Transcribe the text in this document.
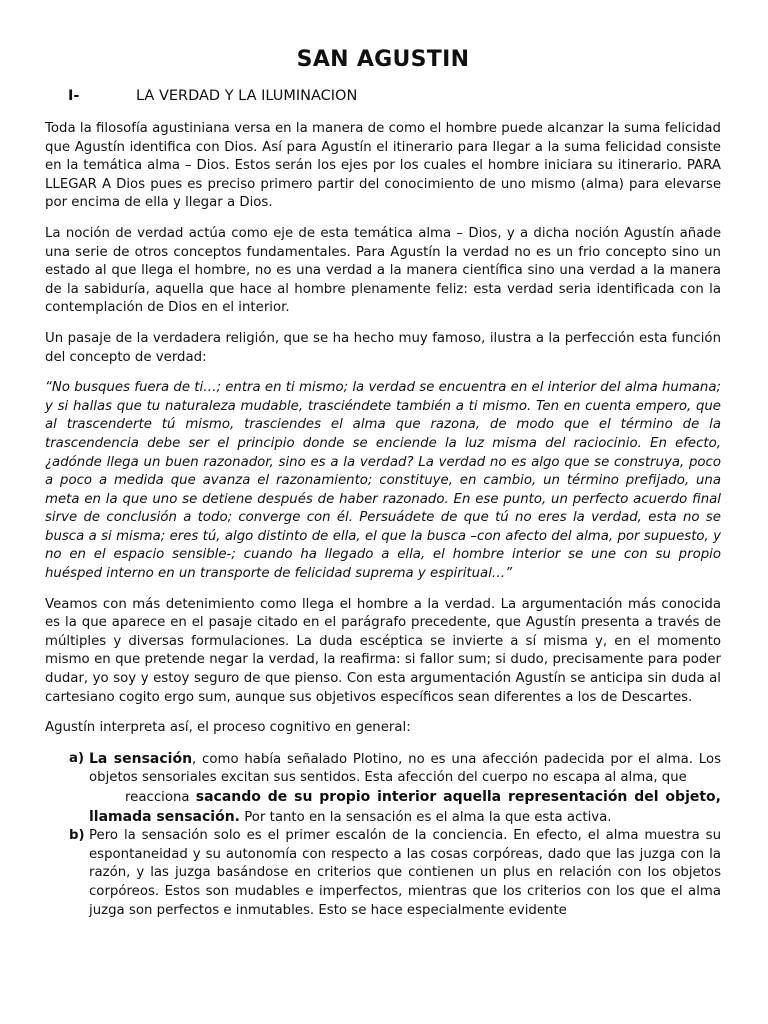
SAN AGUSTIN
I-	LA VERDAD Y LA ILUMINACION

Toda la filosofía agustiniana versa en la manera de como el hombre puede alcanzar la suma felicidad que Agustín identifica con Dios. Así para Agustín el itinerario para llegar a la suma felicidad consiste en la temática alma – Dios. Estos serán los ejes por los cuales el hombre iniciara su itinerario. PARA LLEGAR A Dios pues es preciso primero partir del conocimiento de uno mismo (alma) para elevarse por encima de ella y llegar a Dios.

La noción de verdad actúa como eje de esta temática alma – Dios, y a dicha noción Agustín añade una serie de otros conceptos fundamentales. Para Agustín la verdad no es un frio concepto sino un estado al que llega el hombre, no es una verdad a la manera científica sino una verdad a la manera de la sabiduría, aquella que hace al hombre plenamente feliz: esta verdad seria identificada con la contemplación de Dios en el interior.

Un pasaje de la verdadera religión, que se ha hecho muy famoso, ilustra a la perfección esta función del concepto de verdad:

“No busques fuera de ti…; entra en ti mismo; la verdad se encuentra en el interior del alma humana; y si hallas que tu naturaleza mudable, trasciéndete también a ti mismo. Ten en cuenta empero, que al trascenderte tú mismo, trasciendes el alma que razona, de modo que el término de la trascendencia debe ser el principio donde se enciende la luz misma del raciocinio. En efecto, ¿adónde llega un buen razonador, sino es a la verdad? La verdad no es algo que se construya, poco a poco a medida que avanza el razonamiento; constituye, en cambio, un término prefijado, una meta en la que uno se detiene después de haber razonado. En ese punto, un perfecto acuerdo final sirve de conclusión a todo; converge con él. Persuádete de que tú no eres la verdad, esta no se busca a si misma; eres tú, algo distinto de ella, el que la busca –con afecto del alma, por supuesto, y no en el espacio sensible-; cuando ha llegado a ella, el hombre interior se une con su propio huésped interno en un transporte de felicidad suprema y espiritual…”

Veamos con más detenimiento como llega el hombre a la verdad. La argumentación más conocida es la que aparece en el pasaje citado en el parágrafo precedente, que Agustín presenta a través de múltiples y diversas formulaciones. La duda escéptica se invierte a sí misma y, en el momento mismo en que pretende negar la verdad, la reafirma: si fallor sum; si dudo, precisamente para poder dudar, yo soy y estoy seguro de que pienso. Con esta argumentación Agustín se anticipa sin duda al cartesiano cogito ergo sum, aunque sus objetivos específicos sean diferentes a los de Descartes.

Agustín interpreta así, el proceso cognitivo en general:

a) La sensación, como había señalado Plotino, no es una afección padecida por el alma. Los objetos sensoriales excitan sus sentidos. Esta afección del cuerpo no escapa al alma, que
reacciona sacando de su propio interior aquella representación del objeto, llamada sensación. Por tanto en la sensación es el alma la que esta activa.
b) Pero la sensación solo es el primer escalón de la conciencia. En efecto, el alma muestra su espontaneidad y su autonomía con respecto a las cosas corpóreas, dado que las juzga con la razón, y las juzga basándose en criterios que contienen un plus en relación con los objetos corpóreos. Estos son mudables e imperfectos, mientras que los criterios con los que el alma juzga son perfectos e inmutables. Esto se hace especialmente evidente
